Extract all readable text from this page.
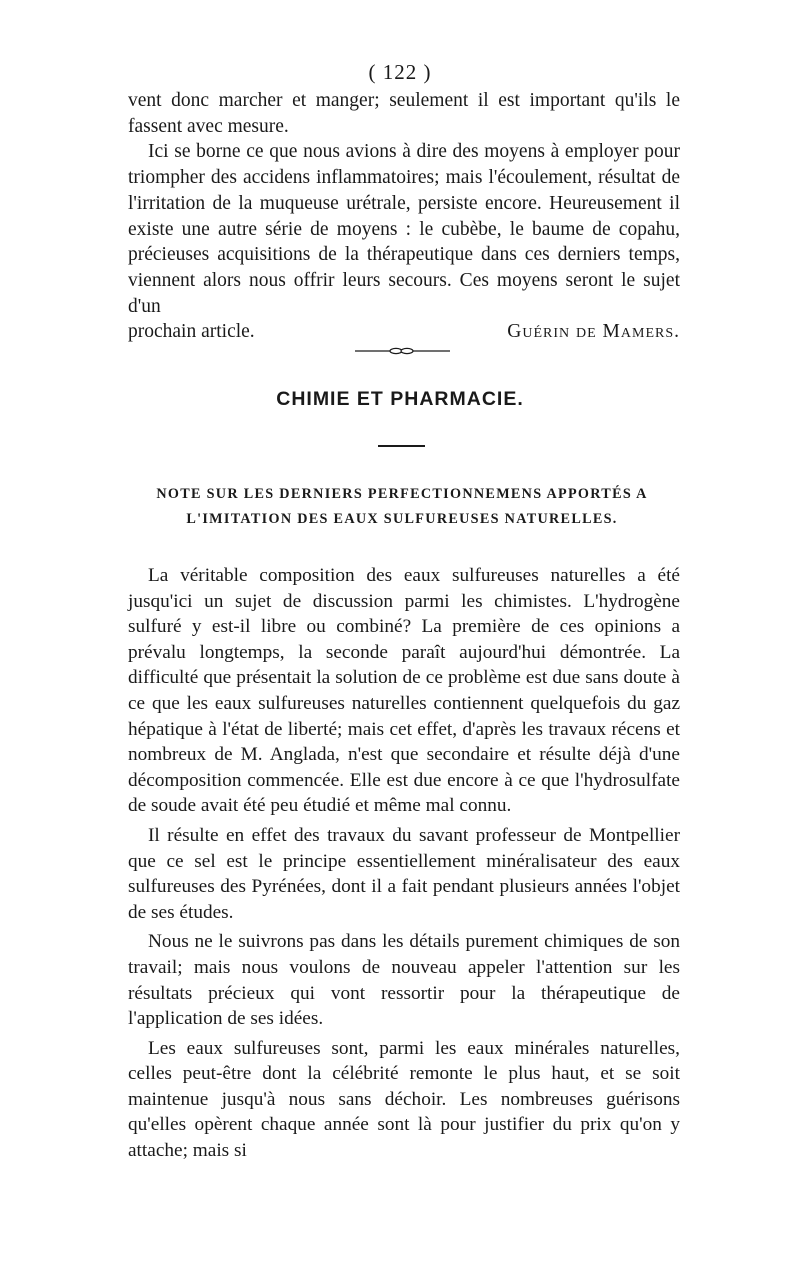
( 122 )

vent donc marcher et manger; seulement il est important qu'ils le fassent avec mesure.

Ici se borne ce que nous avions à dire des moyens à employer pour triompher des accidens inflammatoires; mais l'écoulement, résultat de l'irritation de la muqueuse urétrale, persiste encore. Heureusement il existe une autre série de moyens : le cubèbe, le baume de copahu, précieuses acquisitions de la thérapeutique dans ces derniers temps, viennent alors nous offrir leurs secours. Ces moyens seront le sujet d'un

prochain article.	Guérin de Mamers.
CHIMIE ET PHARMACIE.
NOTE SUR LES DERNIERS PERFECTIONNEMENS APPORTÉS A L'IMITATION DES EAUX SULFUREUSES NATURELLES.

La véritable composition des eaux sulfureuses naturelles a été jusqu'ici un sujet de discussion parmi les chimistes. L'hydrogène sulfuré y est-il libre ou combiné? La première de ces opinions a prévalu longtemps, la seconde paraît aujourd'hui démontrée. La difficulté que présentait la solution de ce problème est due sans doute à ce que les eaux sulfureuses naturelles contiennent quelquefois du gaz hépatique à l'état de liberté; mais cet effet, d'après les travaux récens et nombreux de M. Anglada, n'est que secondaire et résulte déjà d'une décomposition commencée. Elle est due encore à ce que l'hydrosulfate de soude avait été peu étudié et même mal connu.

Il résulte en effet des travaux du savant professeur de Montpellier que ce sel est le principe essentiellement minéralisateur des eaux sulfureuses des Pyrénées, dont il a fait pendant plusieurs années l'objet de ses études.

Nous ne le suivrons pas dans les détails purement chimiques de son travail; mais nous voulons de nouveau appeler l'attention sur les résultats précieux qui vont ressortir pour la thérapeutique de l'application de ses idées.

Les eaux sulfureuses sont, parmi les eaux minérales naturelles, celles peut-être dont la célébrité remonte le plus haut, et se soit maintenue jusqu'à nous sans déchoir. Les nombreuses guérisons qu'elles opèrent chaque année sont là pour justifier du prix qu'on y attache; mais si
